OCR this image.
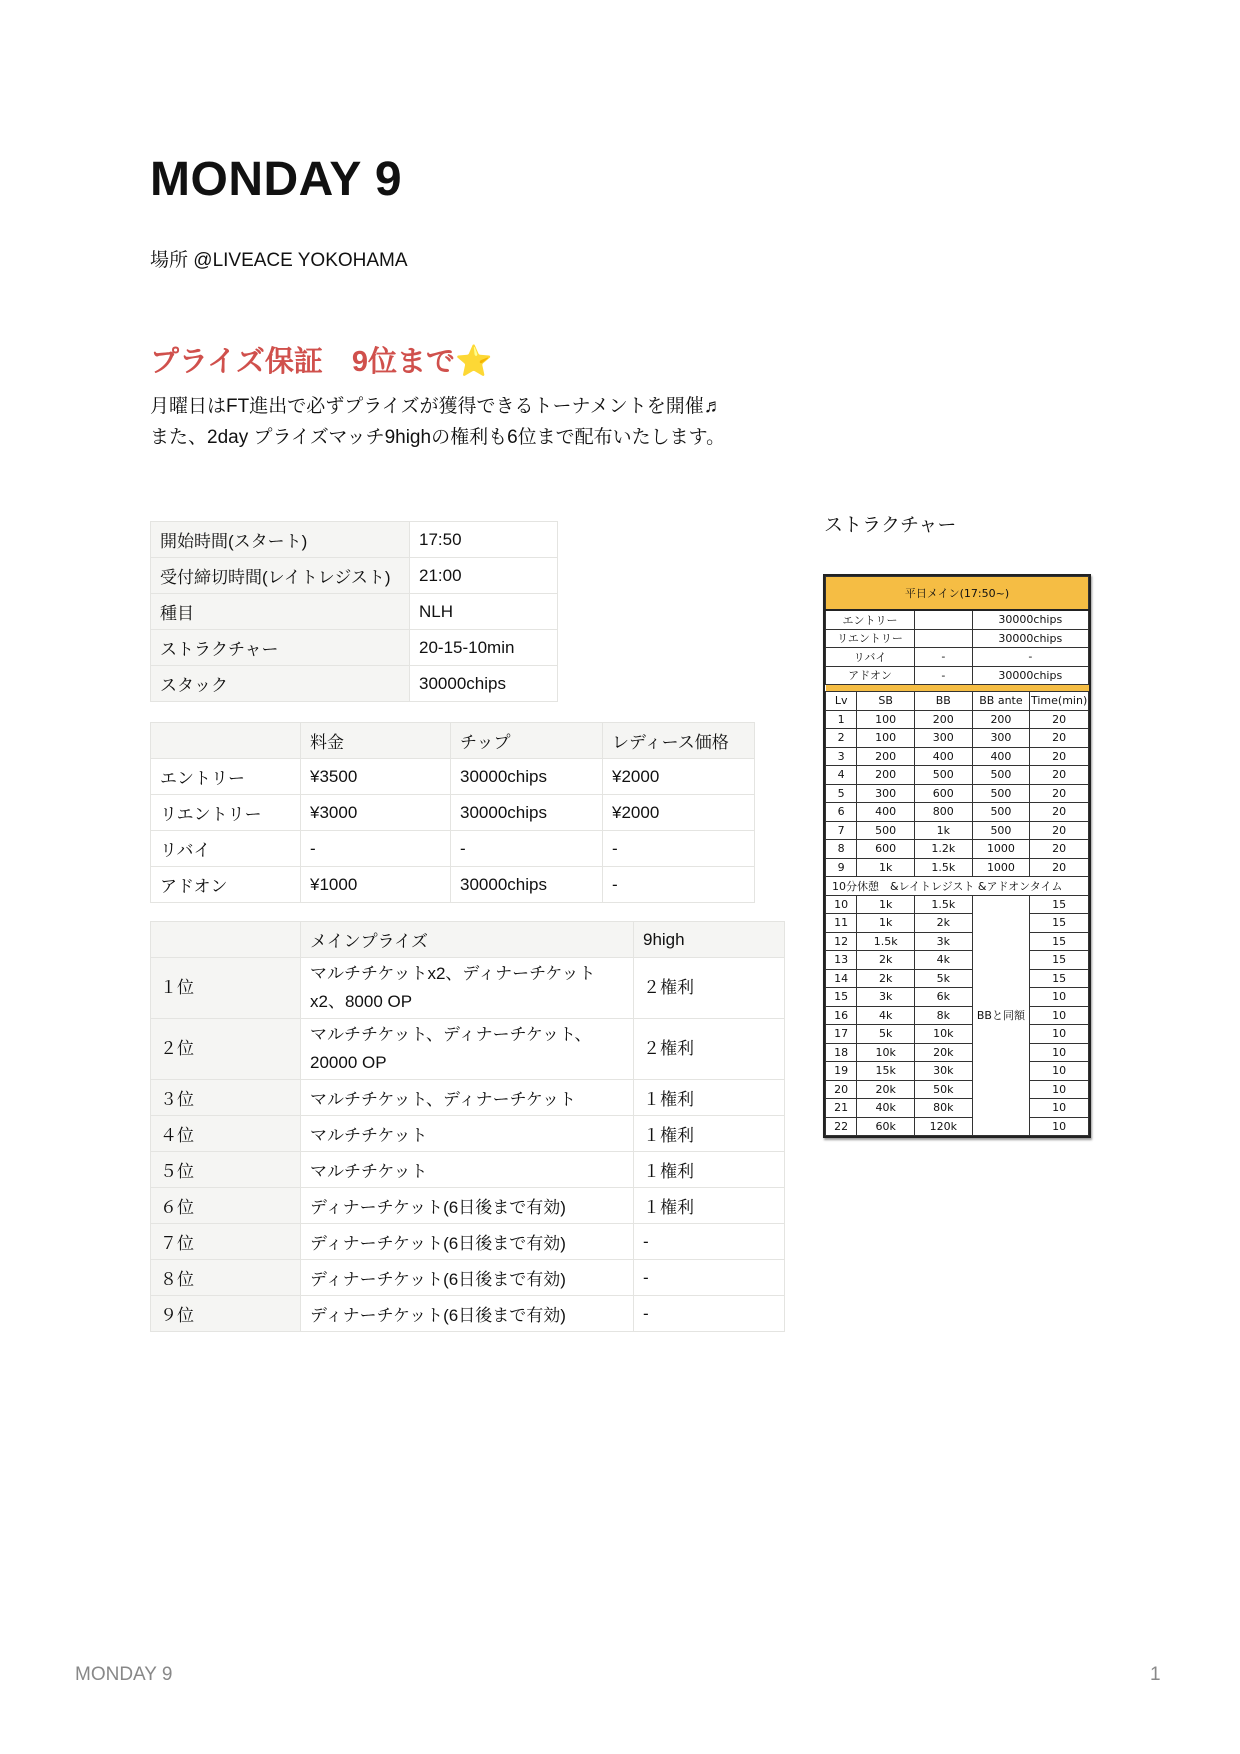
MONDAY 9
場所 @LIVEACE YOKOHAMA
プライズ保証　9位まで⭐

月曜日はFT進出で必ずプライズが獲得できるトーナメントを開催♬

また、2day プライズマッチ9highの権利も6位まで配布いたします。

開始時間(スタート)	17:50
受付締切時間(レイトレジスト)	21:00
種目	NLH
ストラクチャー	20-15-10min
スタック	30000chips
	料金	チップ	レディース価格
エントリー	¥3500	30000chips	¥2000
リエントリー	¥3000	30000chips	¥2000
リバイ	-	-	-
アドオン	¥1000	30000chips	-
	メインプライズ	9high
１位	マルチチケットx2、ディナーチケットx2、8000 OP	２権利
２位	マルチチケット、ディナーチケット、20000 OP	２権利
３位	マルチチケット、ディナーチケット	１権利
４位	マルチチケット	１権利
５位	マルチチケット	１権利
６位	ディナーチケット(6日後まで有効)	１権利
７位	ディナーチケット(6日後まで有効)	-
８位	ディナーチケット(6日後まで有効)	-
９位	ディナーチケット(6日後まで有効)	-
ストラクチャー
平日メイン(17:50~)				
エントリー			30000chips	
リエントリー			30000chips	
リバイ		-	-	
アドオン		-	30000chips	

Lv	SB	BB	BB ante	Time(min)
1	100	200	200	20
2	100	300	300	20
3	200	400	400	20
4	200	500	500	20
5	300	600	500	20
6	400	800	500	20
7	500	1k	500	20
8	600	1.2k	1000	20
9	1k	1.5k	1000	20
10分休憩　&レイトレジスト &アドオンタイム				
10	1k	1.5k	BBと同額	15
11	1k	2k		15
12	1.5k	3k		15
13	2k	4k		15
14	2k	5k		15
15	3k	6k		10
16	4k	8k		10
17	5k	10k		10
18	10k	20k		10
19	15k	30k		10
20	20k	50k		10
21	40k	80k		10
22	60k	120k		10
MONDAY 9	1
